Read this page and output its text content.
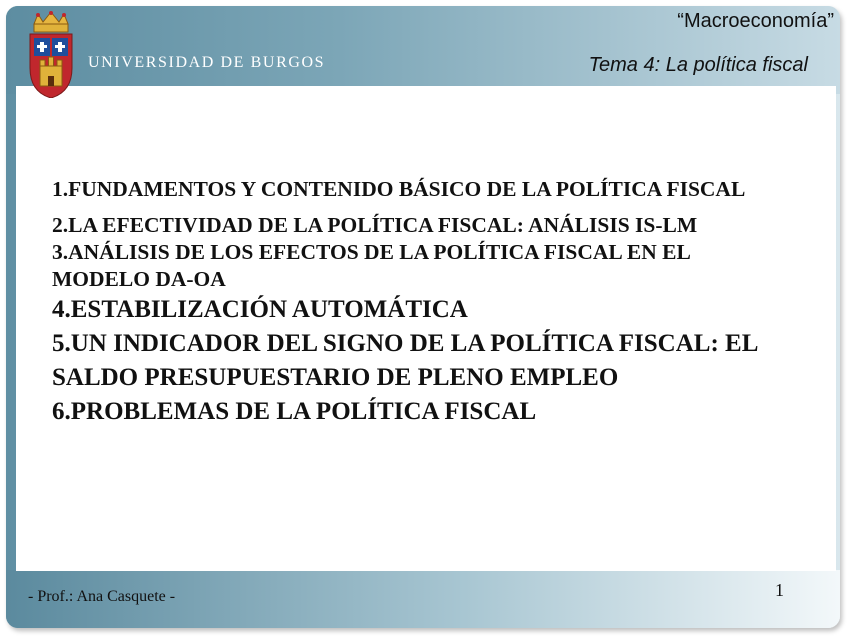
UNIVERSIDAD DE BURGOS
“Macroeconomía”
Tema 4: La política fiscal
1.FUNDAMENTOS Y CONTENIDO BÁSICO DE LA POLÍTICA FISCAL
2.LA EFECTIVIDAD DE LA POLÍTICA FISCAL: ANÁLISIS IS-LM
3.ANÁLISIS DE LOS EFECTOS DE LA POLÍTICA FISCAL EN EL MODELO DA-OA
4.ESTABILIZACIÓN AUTOMÁTICA
5.UN INDICADOR DEL SIGNO DE LA POLÍTICA FISCAL: EL SALDO PRESUPUESTARIO DE PLENO EMPLEO
6.PROBLEMAS DE LA POLÍTICA FISCAL
- Prof.: Ana Casquete -	1
